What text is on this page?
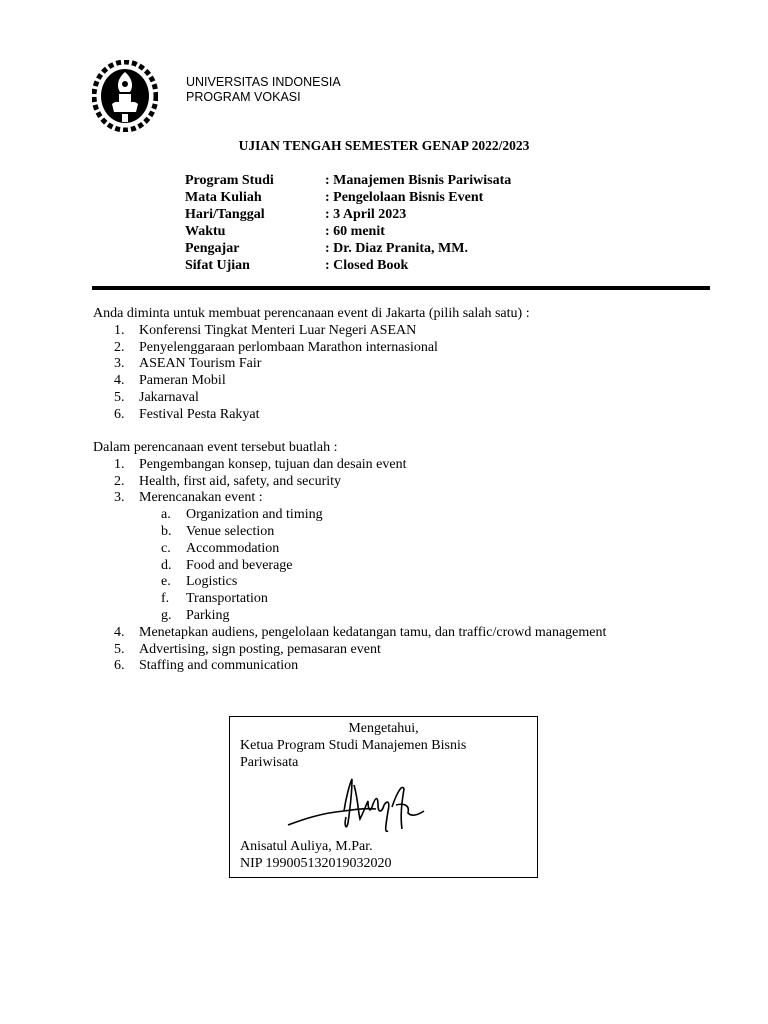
UNIVERSITAS INDONESIA
PROGRAM VOKASI
UJIAN TENGAH SEMESTER GENAP 2022/2023
Program Studi	: Manajemen Bisnis Pariwisata
Mata Kuliah	: Pengelolaan Bisnis Event
Hari/Tanggal	: 3 April 2023
Waktu	: 60 menit
Pengajar	: Dr. Diaz Pranita, MM.
Sifat Ujian	: Closed Book
Anda diminta untuk membuat perencanaan event di Jakarta (pilih salah satu) :
1. Konferensi Tingkat Menteri Luar Negeri ASEAN
2. Penyelenggaraan perlombaan Marathon internasional
3. ASEAN Tourism Fair
4. Pameran Mobil
5. Jakarnaval
6. Festival Pesta Rakyat
Dalam perencanaan event tersebut buatlah :
1. Pengembangan konsep, tujuan dan desain event
2. Health, first aid, safety, and security
3. Merencanakan event :
a. Organization and timing
b. Venue selection
c. Accommodation
d. Food and beverage
e. Logistics
f. Transportation
g. Parking
4. Menetapkan audiens, pengelolaan kedatangan tamu, dan traffic/crowd management
5. Advertising, sign posting, pemasaran event
6. Staffing and communication
Mengetahui,
Ketua Program Studi Manajemen Bisnis Pariwisata
Anisatul Auliya, M.Par.
NIP 199005132019032020
